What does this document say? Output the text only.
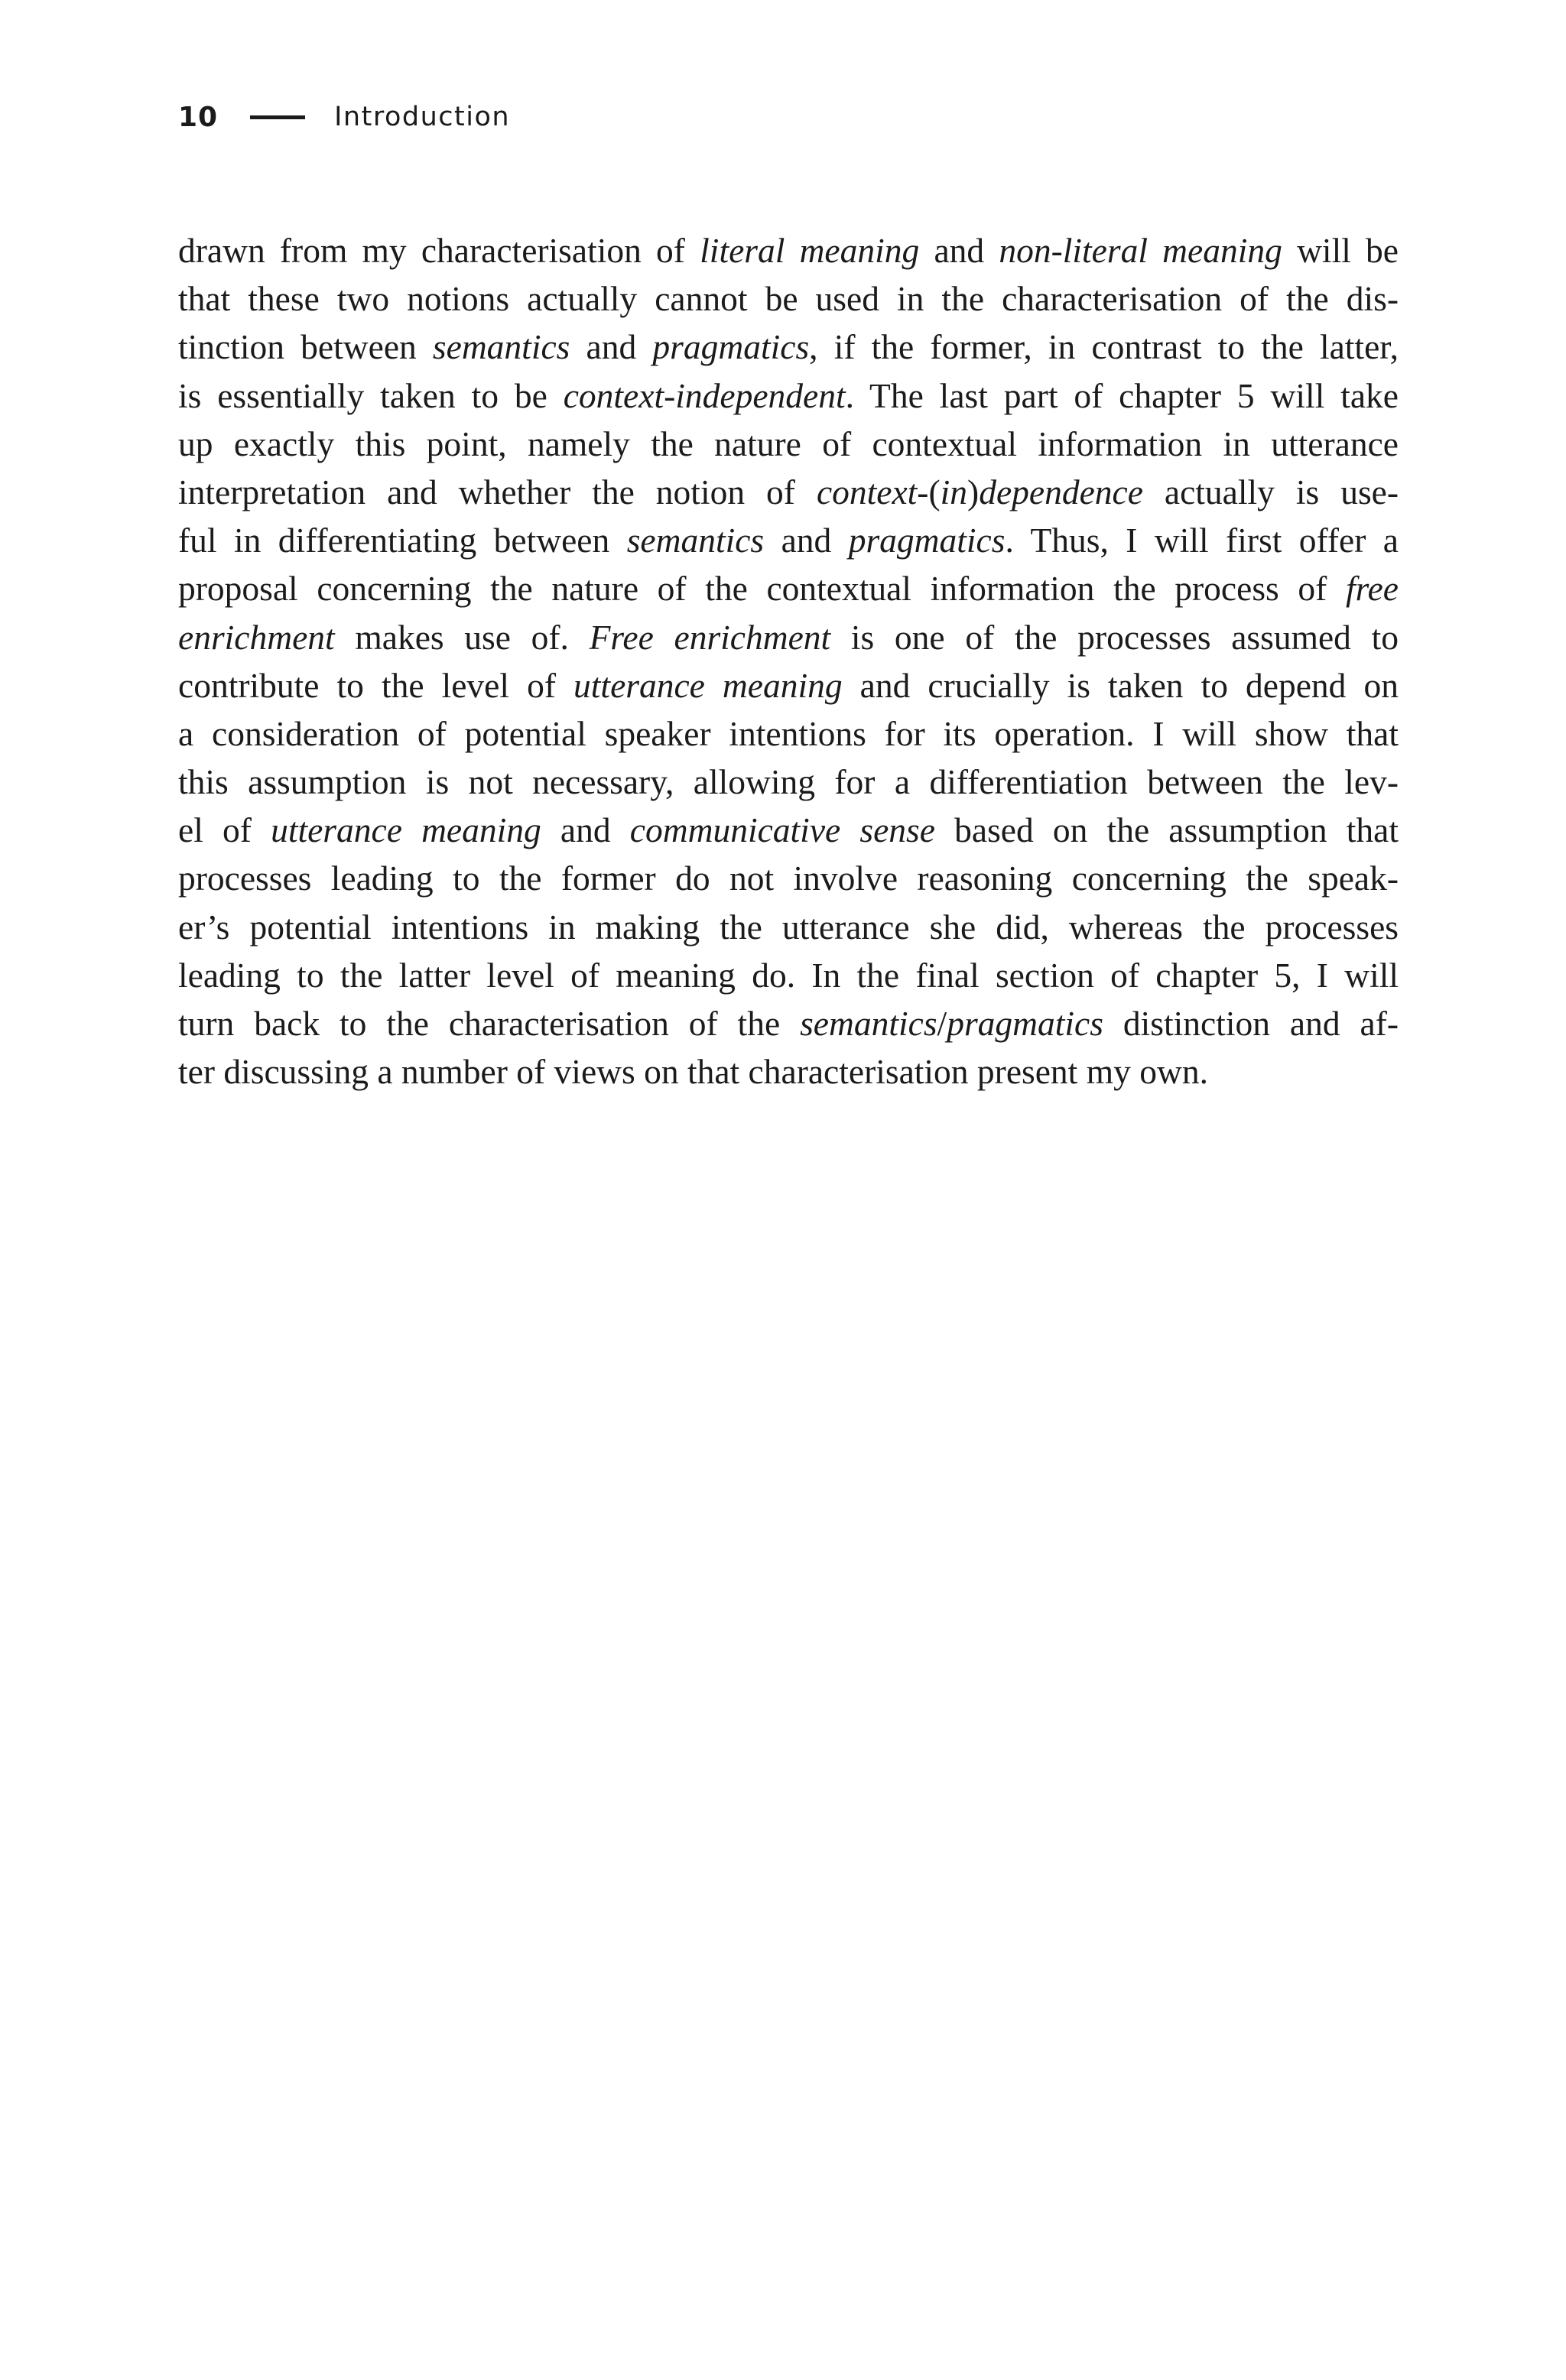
10	Introduction
drawn from my characterisation of literal meaning and non-literal meaning will be
that these two notions actually cannot be used in the characterisation of the dis-
tinction between semantics and pragmatics, if the former, in contrast to the latter,
is essentially taken to be context-independent. The last part of chapter 5 will take
up exactly this point, namely the nature of contextual information in utterance
interpretation and whether the notion of context-(in)dependence actually is use-
ful in differentiating between semantics and pragmatics. Thus, I will first offer a
proposal concerning the nature of the contextual information the process of free
enrichment makes use of. Free enrichment is one of the processes assumed to
contribute to the level of utterance meaning and crucially is taken to depend on
a consideration of potential speaker intentions for its operation. I will show that
this assumption is not necessary, allowing for a differentiation between the lev-
el of utterance meaning and communicative sense based on the assumption that
processes leading to the former do not involve reasoning concerning the speak-
er’s potential intentions in making the utterance she did, whereas the processes
leading to the latter level of meaning do. In the final section of chapter 5, I will
turn back to the characterisation of the semantics/pragmatics distinction and af-
ter discussing a number of views on that characterisation present my own.
